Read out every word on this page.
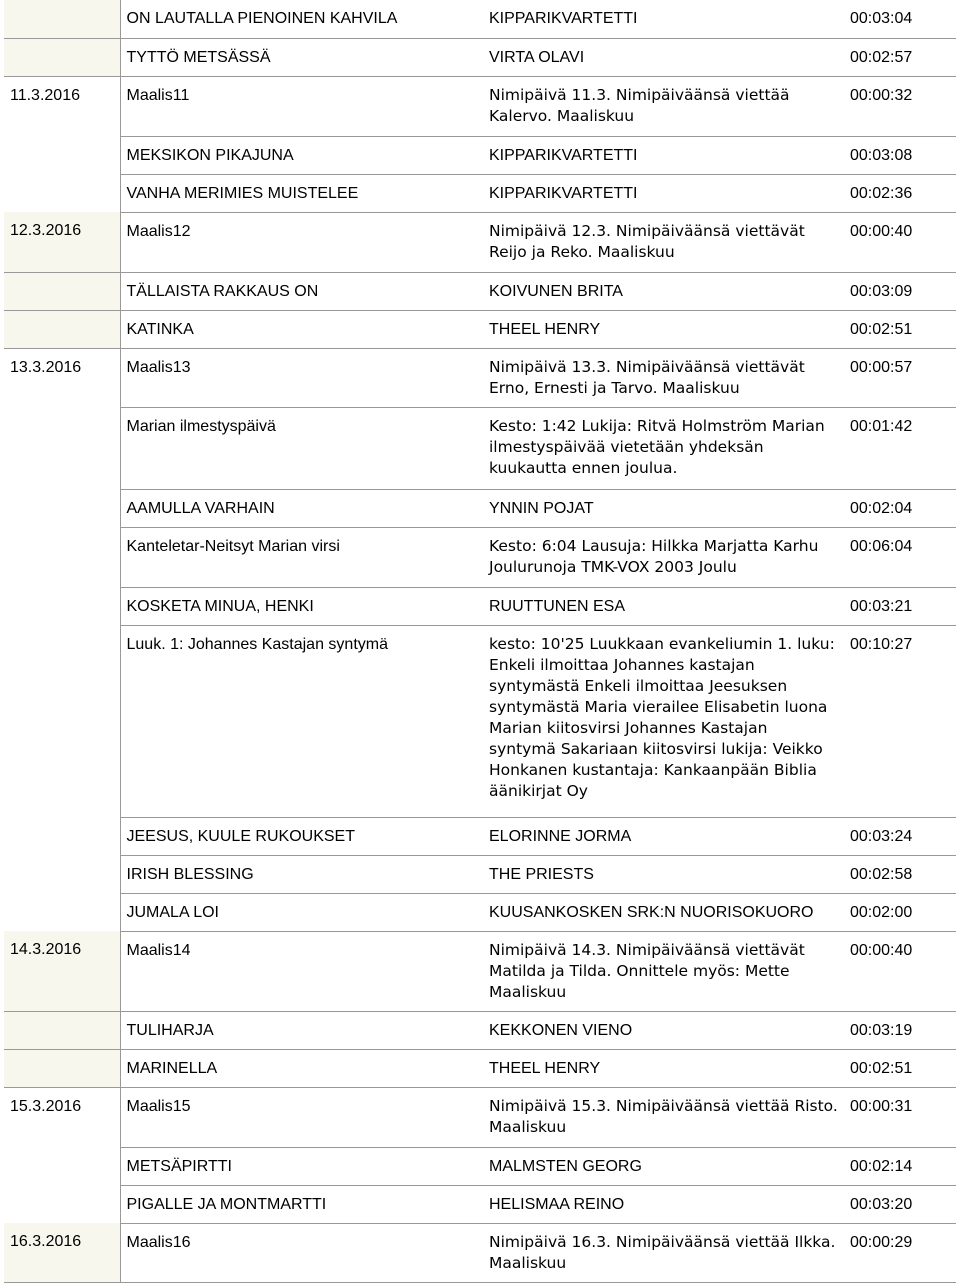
	ON LAUTALLA PIENOINEN KAHVILA	KIPPARIKVARTETTI	00:03:04
	TYTTÖ METSÄSSÄ	VIRTA OLAVI	00:02:57
11.3.2016	Maalis11	Nimipäivä 11.3. Nimipäiväänsä viettää Kalervo. Maaliskuu	00:00:32
	MEKSIKON PIKAJUNA	KIPPARIKVARTETTI	00:03:08
	VANHA MERIMIES MUISTELEE	KIPPARIKVARTETTI	00:02:36
12.3.2016	Maalis12	Nimipäivä 12.3. Nimipäiväänsä viettävät Reijo ja Reko. Maaliskuu	00:00:40
	TÄLLAISTA RAKKAUS ON	KOIVUNEN BRITA	00:03:09
	KATINKA	THEEL HENRY	00:02:51
13.3.2016	Maalis13	Nimipäivä 13.3. Nimipäiväänsä viettävät Erno, Ernesti ja Tarvo. Maaliskuu	00:00:57
	Marian ilmestyspäivä	Kesto: 1:42 Lukija: Ritvä Holmström Marian ilmestyspäivää vietetään yhdeksän kuukautta ennen joulua.	00:01:42
	AAMULLA VARHAIN	YNNIN POJAT	00:02:04
	Kanteletar-Neitsyt Marian virsi	Kesto: 6:04 Lausuja: Hilkka Marjatta Karhu Joulurunoja TMK-VOX 2003 Joulu	00:06:04
	KOSKETA MINUA, HENKI	RUUTTUNEN ESA	00:03:21
	Luuk. 1: Johannes Kastajan syntymä	kesto: 10'25 Luukkaan evankeliumin 1. luku: Enkeli ilmoittaa Johannes kastajan syntymästä Enkeli ilmoittaa Jeesuksen syntymästä Maria vierailee Elisabetin luona Marian kiitosvirsi Johannes Kastajan syntymä Sakariaan kiitosvirsi lukija: Veikko Honkanen kustantaja: Kankaanpään Biblia äänikirjat Oy	00:10:27
	JEESUS, KUULE RUKOUKSET	ELORINNE JORMA	00:03:24
	IRISH BLESSING	THE PRIESTS	00:02:58
	JUMALA LOI	KUUSANKOSKEN SRK:N NUORISOKUORO	00:02:00
14.3.2016	Maalis14	Nimipäivä 14.3. Nimipäiväänsä viettävät Matilda ja Tilda. Onnittele myös: Mette Maaliskuu	00:00:40
	TULIHARJA	KEKKONEN VIENO	00:03:19
	MARINELLA	THEEL HENRY	00:02:51
15.3.2016	Maalis15	Nimipäivä 15.3. Nimipäiväänsä viettää Risto. Maaliskuu	00:00:31
	METSÄPIRTTI	MALMSTEN GEORG	00:02:14
	PIGALLE JA MONTMARTTI	HELISMAA REINO	00:03:20
16.3.2016	Maalis16	Nimipäivä 16.3. Nimipäiväänsä viettää Ilkka. Maaliskuu	00:00:29
